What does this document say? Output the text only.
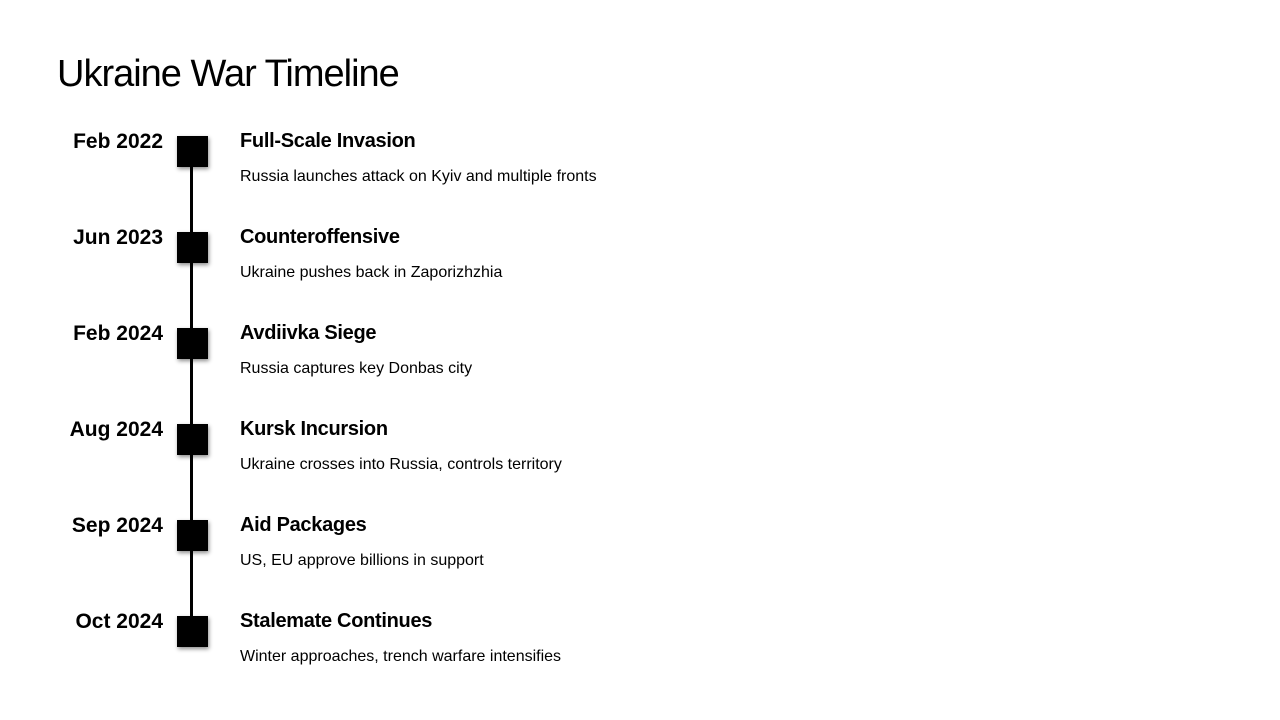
Ukraine War Timeline
Feb 2022	Full-Scale Invasion
Russia launches attack on Kyiv and multiple fronts
Jun 2023	Counteroffensive
Ukraine pushes back in Zaporizhzhia
Feb 2024	Avdiivka Siege
Russia captures key Donbas city
Aug 2024	Kursk Incursion
Ukraine crosses into Russia, controls territory
Sep 2024	Aid Packages
US, EU approve billions in support
Oct 2024	Stalemate Continues
Winter approaches, trench warfare intensifies
